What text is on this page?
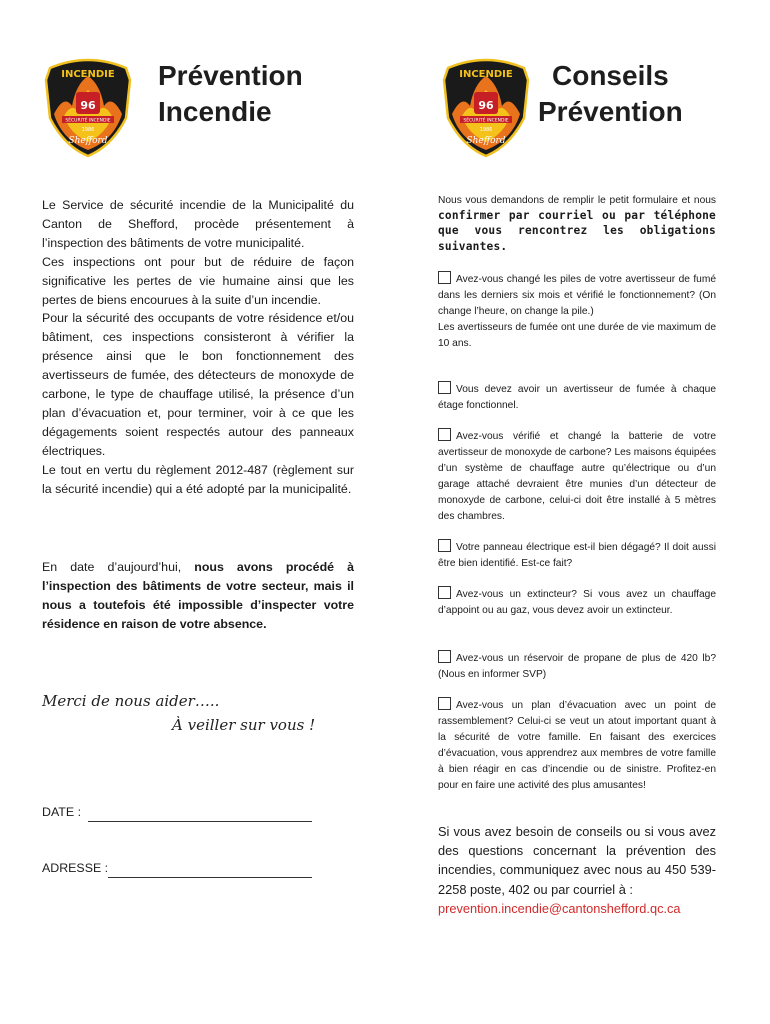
INCENDIE
96
SÉCURITÉ INCENDIE
1986
Shefford
Prévention
Incendie

Le Service de sécurité incendie de la Municipalité du Canton de Shefford, procède présentement à l’inspection des bâtiments de votre municipalité.

Ces inspections ont pour but de réduire de façon significative les pertes de vie humaine ainsi que les pertes de biens encourues à la suite d’un incendie.

Pour la sécurité des occupants de votre résidence et/ou bâtiment, ces inspections consisteront à vérifier la présence ainsi que le bon fonctionnement des avertisseurs de fumée, des détecteurs de monoxyde de carbone, le type de chauffage utilisé, la présence d’un plan d’évacuation et, pour terminer, voir à ce que les dégagements soient respectés autour des panneaux électriques.

Le tout en vertu du règlement 2012-487 (règlement sur la sécurité incendie) qui a été adopté par la municipalité.

En date d’aujourd’hui, nous avons procédé à l’inspection des bâtiments de votre secteur, mais il nous a toutefois été impossible d’inspecter votre résidence en raison de votre absence.
Merci de nous aider…..
À veiller sur vous !
DATE :
ADRESSE :
INCENDIE
96
SÉCURITÉ INCENDIE
1986
Shefford
Conseils
Prévention
Nous vous demandons de remplir le petit formulaire et nous confirmer par courriel ou par téléphone que vous rencontrez les obligations suivantes.
Avez-vous changé les piles de votre avertisseur de fumé dans les derniers six mois et vérifié le fonctionnement? (On change l’heure, on change la pile.)
Les avertisseurs de fumée ont une durée de vie maximum de 10 ans.
Vous devez avoir un avertisseur de fumée à chaque étage fonctionnel.
Avez-vous vérifié et changé la batterie de votre avertisseur de monoxyde de carbone? Les maisons équipées d’un système de chauffage autre qu’électrique ou d’un garage attaché devraient être munies d’un détecteur de monoxyde de carbone, celui-ci doit être installé à 5 mètres des chambres.
Votre panneau électrique est-il bien dégagé? Il doit aussi être bien identifié. Est-ce fait?
Avez-vous un extincteur? Si vous avez un chauffage d’appoint ou au gaz, vous devez avoir un extincteur.
Avez-vous un réservoir de propane de plus de 420 lb? (Nous en informer SVP)
Avez-vous un plan d’évacuation avec un point de rassemblement? Celui-ci se veut un atout important quant à la sécurité de votre famille. En faisant des exercices d’évacuation, vous apprendrez aux membres de votre famille à bien réagir en cas d’incendie ou de sinistre. Profitez-en pour en faire une activité des plus amusantes!
Si vous avez besoin de conseils ou si vous avez des questions concernant la prévention des incendies, communiquez avec nous au 450 539-2258 poste, 402 ou par courriel à :
prevention.incendie@cantonshefford.qc.ca
